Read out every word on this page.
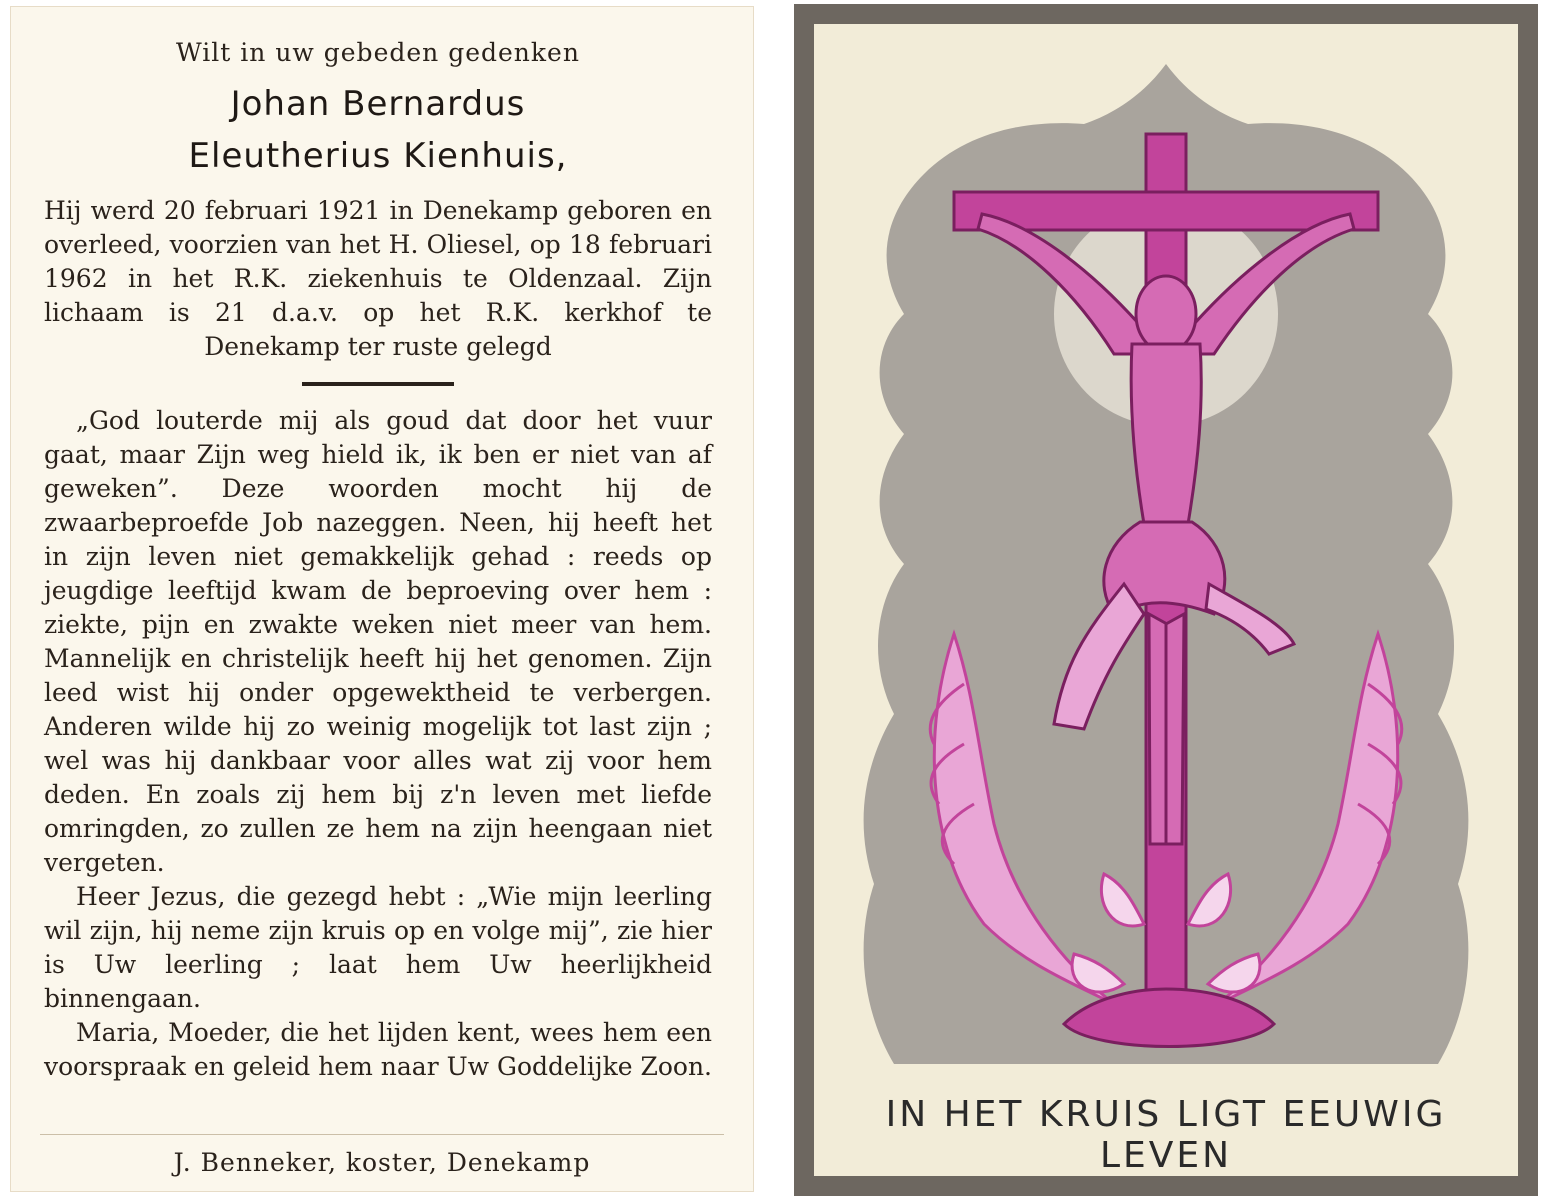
Wilt in uw gebeden gedenken
Johan Bernardus
Eleutherius Kienhuis,
Hij werd 20 februari 1921 in Denekamp geboren en overleed, voorzien van het H. Oliesel, op 18 februari 1962 in het R.K. ziekenhuis te Oldenzaal. Zijn lichaam is 21 d.a.v. op het R.K. kerkhof te Denekamp ter ruste gelegd
„God louterde mij als goud dat door het vuur gaat, maar Zijn weg hield ik, ik ben er niet van af geweken”. Deze woorden mocht hij de zwaarbeproefde Job nazeggen. Neen, hij heeft het in zijn leven niet gemakkelijk gehad : reeds op jeugdige leeftijd kwam de beproeving over hem : ziekte, pijn en zwakte weken niet meer van hem. Mannelijk en christelijk heeft hij het genomen. Zijn leed wist hij onder opgewektheid te verbergen. Anderen wilde hij zo weinig mogelijk tot last zijn ; wel was hij dankbaar voor alles wat zij voor hem deden. En zoals zij hem bij z'n leven met liefde omringden, zo zullen ze hem na zijn heengaan niet vergeten.
Heer Jezus, die gezegd hebt : „Wie mijn leerling wil zijn, hij neme zijn kruis op en volge mij”, zie hier is Uw leerling ; laat hem Uw heerlijkheid binnengaan.
Maria, Moeder, die het lijden kent, wees hem een voorspraak en geleid hem naar Uw Goddelijke Zoon.
J. Benneker, koster, Denekamp
IN HET KRUIS LIGT EEUWIG LEVEN
